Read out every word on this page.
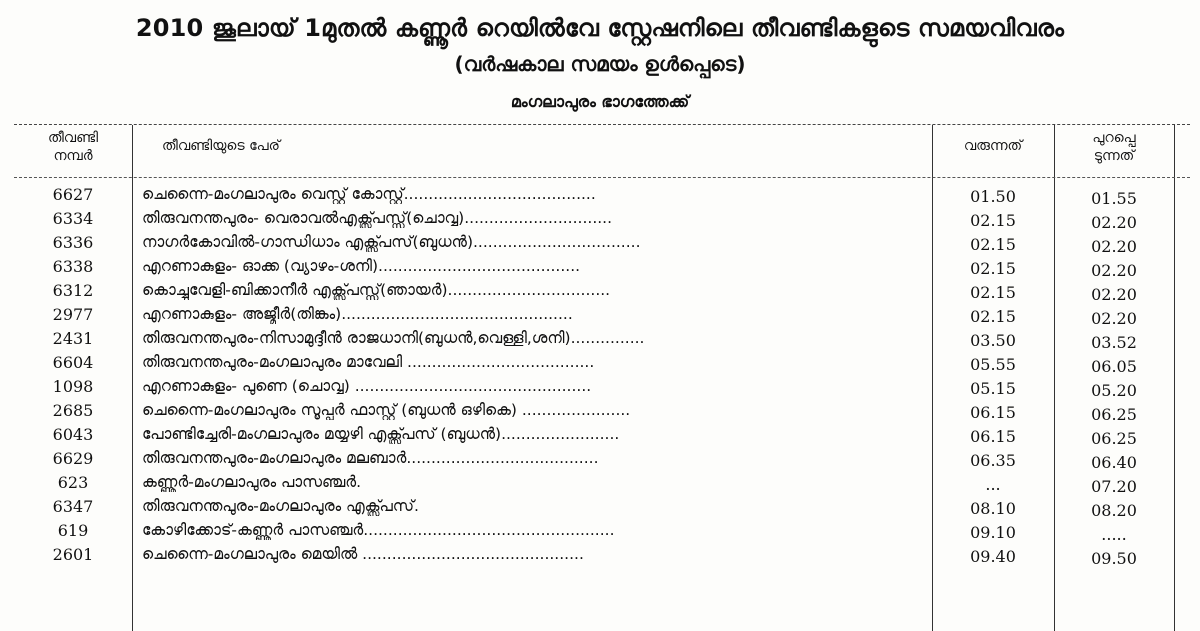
2010 ജൂലായ് 1മുതൽ കണ്ണൂർ റെയിൽവേ സ്റ്റേഷനിലെ തീവണ്ടികളുടെ സമയവിവരം
(വർഷകാല സമയം ഉൾപ്പെടെ)
മംഗലാപുരം ഭാഗത്തേക്ക്
തീവണ്ടി
നമ്പർ
തീവണ്ടിയുടെ പേര്	വരുന്നത്	പുറപ്പെ
ടുന്നത്
6627	ചെന്നൈ-മംഗലാപുരം വെസ്റ്റ് കോസ്റ്റ്.......................................	01.50	01.55
6334	തിരുവനന്തപുരം- വെരാവൽഎക്സ്പ്രസ്സ്(ചൊവ്വ)..............................	02.15	02.20
6336	നാഗർകോവിൽ-ഗാന്ധിധാം എക്സ്പ്രസ്(ബുധൻ)..................................	02.15	02.20
6338	എറണാകുളം- ഓക്ക (വ്യാഴം-ശനി).........................................	02.15	02.20
6312	കൊച്ചുവേളി-ബിക്കാനീർ എക്സ്പ്രസ്സ്(ഞായർ).................................	02.15	02.20
2977	എറണാകുളം- അജ്മീർ(തിങ്കം)...............................................	02.15	02.20
2431	തിരുവനന്തപുരം-നിസാമുദ്ദീൻ രാജധാനി(ബുധൻ,വെള്ളി,ശനി)...............	03.50	03.52
6604	തിരുവനന്തപുരം-മംഗലാപുരം മാവേലി ......................................	05.55	06.05
1098	എറണാകുളം- പുണെ (ചൊവ്വ) ................................................	05.15	05.20
2685	ചെന്നൈ-മംഗലാപുരം സൂപ്പർ ഫാസ്റ്റ് (ബുധൻ ഒഴികെ) ......................	06.15	06.25
6043	പോണ്ടിച്ചേരി-മംഗലാപുരം മയ്യഴി എക്സ്പ്രസ് (ബുധൻ)........................	06.15	06.25
6629	തിരുവനന്തപുരം-മംഗലാപുരം മലബാർ.......................................	06.35	06.40
623	കണ്ണൂർ-മംഗലാപുരം പാസഞ്ചർ.	...	07.20
6347	തിരുവനന്തപുരം-മംഗലാപുരം എക്സ്പ്രസ്.	08.10	08.20
619	കോഴിക്കോട്-കണ്ണൂർ പാസഞ്ചർ...................................................	09.10	.....
2601	ചെന്നൈ-മംഗലാപുരം മെയിൽ .............................................	09.40	09.50
